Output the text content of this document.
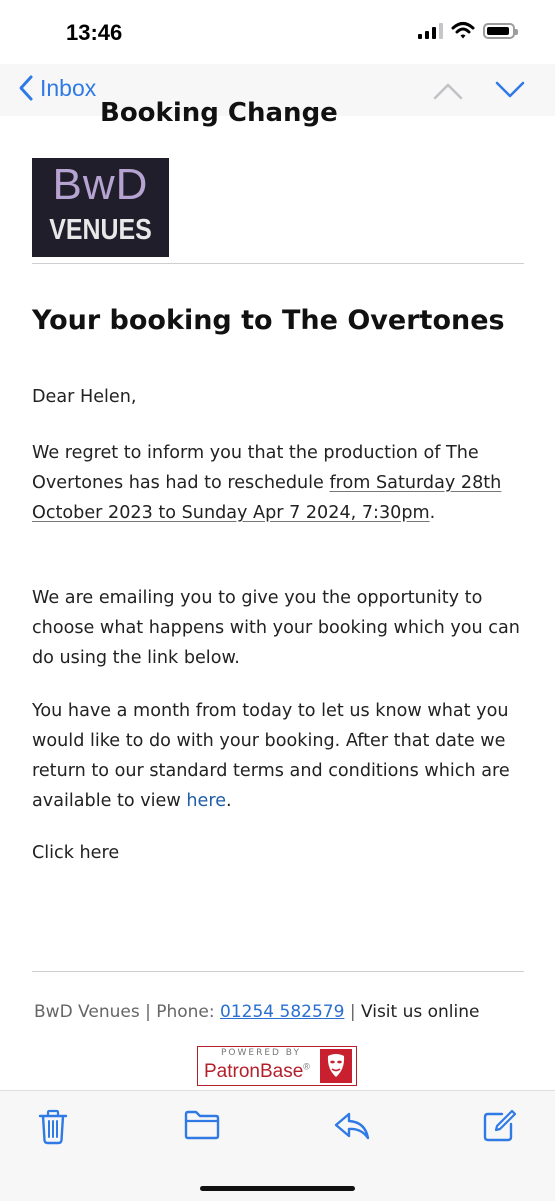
13:46
Inbox
Booking Change
BwD
VENUES
Your booking to The Overtones

Dear Helen,

We regret to inform you that the production of The Overtones has had to reschedule from Saturday 28th October 2023 to Sunday Apr 7 2024, 7:30pm.

We are emailing you to give you the opportunity to choose what happens with your booking which you can do using the link below.

You have a month from today to let us know what you would like to do with your booking. After that date we return to our standard terms and conditions which are available to view here.

Click here

BwD Venues | Phone: 01254 582579 | Visit us online
POWERED BY
PatronBase®
